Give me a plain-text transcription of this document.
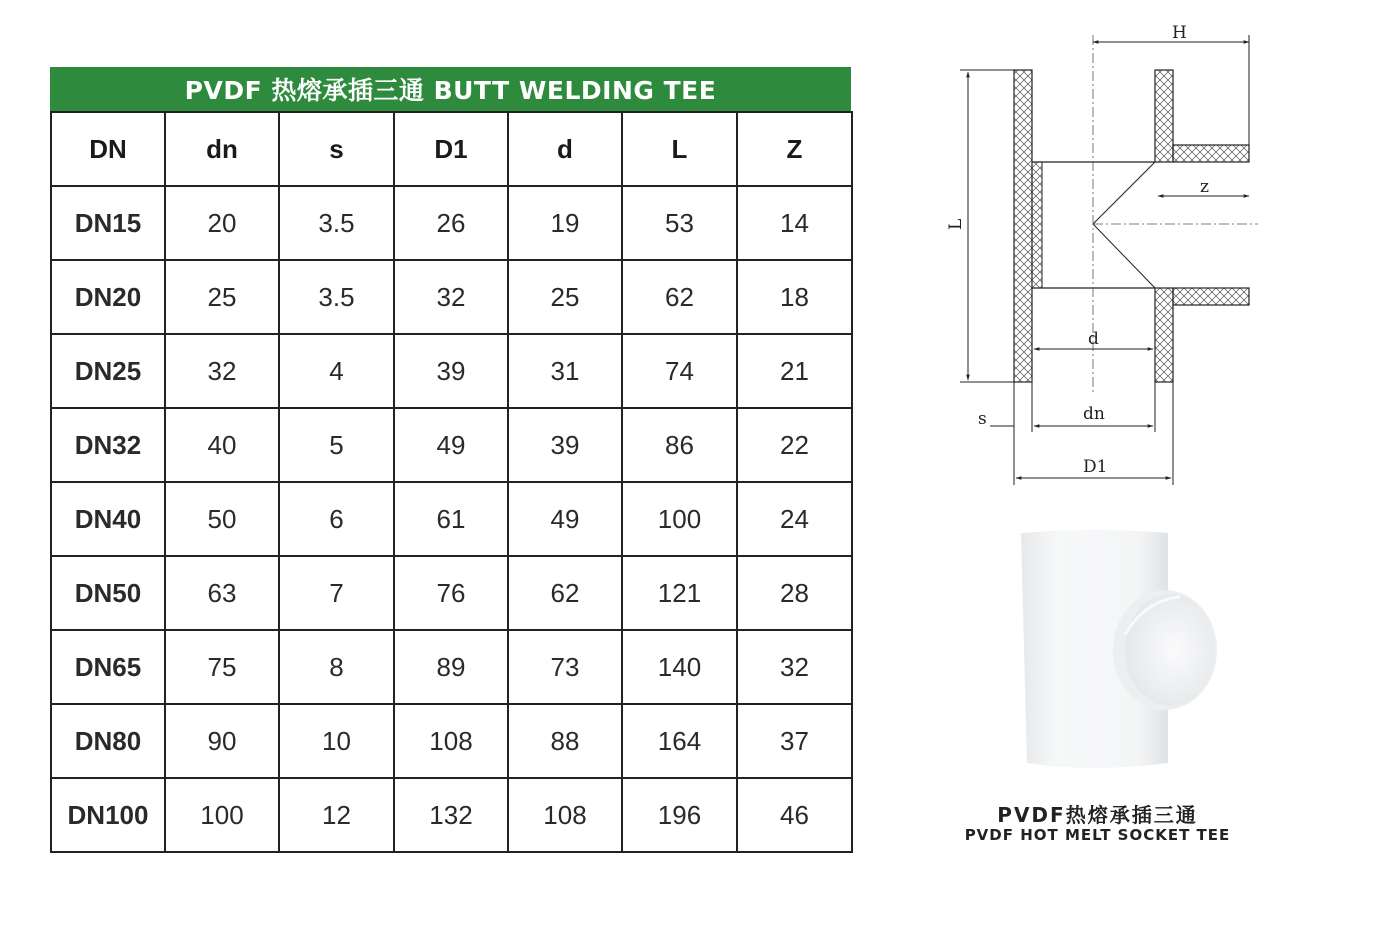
PVDF 热熔承插三通 BUTT WELDING TEE
DN	dn	s	D1	d	L	Z
DN15	20	3.5	26	19	53	14
DN20	25	3.5	32	25	62	18
DN25	32	4	39	31	74	21
DN32	40	5	49	39	86	22
DN40	50	6	61	49	100	24
DN50	63	7	76	62	121	28
DN65	75	8	89	73	140	32
DN80	90	10	108	88	164	37
DN100	100	12	132	108	196	46
H
L
z
d
s	dn
D1
PVDF热熔承插三通
PVDF HOT MELT SOCKET TEE
